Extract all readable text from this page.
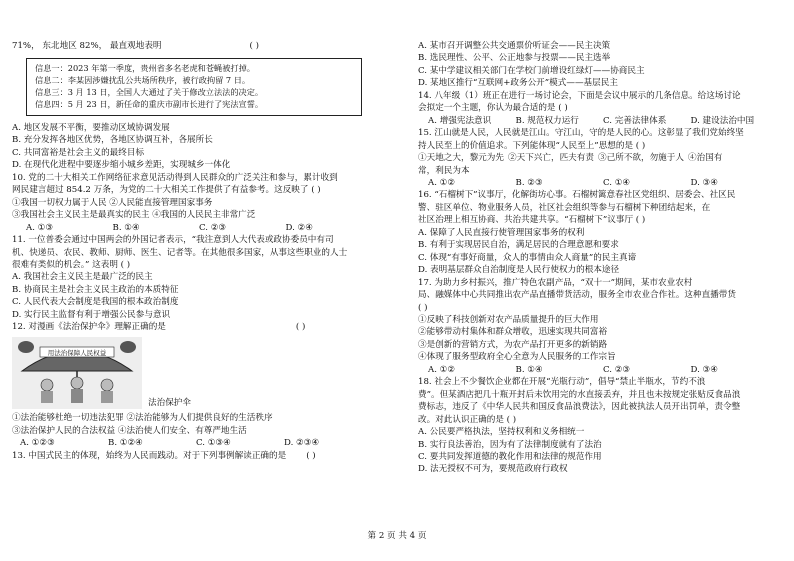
71%， 东北地区 82%， 最直观地表明	( )
信息一：2023 年第一季度，贵州省多名老虎和苍蝇被打掉。
信息二：李某因涉嫌扰乱公共场所秩序，被行政拘留 7 日。
信息三：3 月 13 日，全国人大通过了关于修改立法法的决定。
信息四：5 月 23 日，新任命的重庆市副市长进行了宪法宣誓。
A. 地区发展不平衡，要推动区域协调发展
B. 充分发挥各地区优势，各地区协调互补，各展所长
C. 共同富裕是社会主义的最终目标
D. 在现代化进程中要逐步缩小城乡差距，实现城乡一体化
10. 党的二十大相关工作网络征求意见活动得到人民群众的广泛关注和参与，累计收到
网民建言超过 854.2 万条，为党的二十大相关工作提供了有益参考。这反映了 ( )
①我国一切权力属于人民 ②人民能直接管理国家事务
③我国社会主义民主是最真实的民主 ④我国的人民民主非常广泛
A. ①③	B. ①④	C. ②③	D. ②④
11. 一位普委会通过中国两会的外国记者表示，“我注意到人大代表或政协委员中有司
机、快递员、农民、教师、厨师、医生、记者等。在其他很多国家，从事这些职业的人士
很难有类似的机会。” 这表明 ( )
A. 我国社会主义民主是最广泛的民主
B. 协商民主是社会主义民主政治的本质特征
C. 人民代表大会制度是我国的根本政治制度
D. 实行民主监督有利于增强公民参与意识
12. 对漫画《法治保护伞》理解正确的是	( )
用法治保障人民权益
法治保护伞
①法治能够杜绝一切违法犯罪 ②法治能够为人们提供良好的生活秩序
③法治保护人民的合法权益 ④法治使人们安全、有尊严地生活
A. ①②③	B. ①②④	C. ①③④	D. ②③④
13. 中国式民主的体现，始终为人民而践动。对于下列事例解读正确的是 ( )
A. 某市召开调整公共交通票价听证会——民主决策
B. 选民理性、公平、公正地参与投票——民主选举
C. 某中学建议相关部门在学校门前增设红绿灯——协商民主
D. 某地区推行“互联网+政务公开”模式——基层民主
14. 八年级（1）班正在进行一场讨论会，下面是会议中展示的几条信息。给这场讨论
会拟定一个主题，你认为最合适的是 ( )
A. 增强宪法意识	B. 规范权力运行	C. 完善法律体系	D. 建设法治中国
15. 江山就是人民，人民就是江山。守江山，守的是人民的心。这彰显了我们党始终坚
持人民至上的价值追求。下列能体现“人民至上”思想的是 ( )
①天地之大，黎元为先 ②天下兴亡，匹夫有责 ③己所不欲，勿施于人 ④治国有
常，利民为本
A. ①②	B. ②③	C. ①④	D. ③④
16. “石榴树下”议事厅，化解街坊心事。石榴树篱意春社区党组织、居委会、社区民
警、驻区单位、物业服务人员，社区社会组织等参与石榴树下种团结起来，在
社区治理上相互协商、共治共建共享。“石榴树下”议事厅 ( )
A. 保障了人民直接行使管理国家事务的权利
B. 有利于实现居民自治，满足居民的合理意愿和要求
C. 体现“有事好商量，众人的事情由众人商量”的民主真谛
D. 表明基层群众自治制度是人民行使权力的根本途径
17. 为助力乡村振兴，推广特色农副产品，“双十一”期间，某市农业农村
局、融媒体中心共同推出农产品直播带货活动，服务全市农业合作社。这种直播带货
( )
①反映了科技创新对农产品质量提升的巨大作用
②能够带动村集体和群众增收，迅速实现共同富裕
③是创新的营销方式，为农产品打开更多的新销路
④体现了服务型政府全心全意为人民服务的工作宗旨
A. ①②	B. ①④	C. ②③	D. ③④
18. 社会上不少餐饮企业都在开展“光瓶行动”，倡导“禁止半瓶水，节约不浪
费”。但某酒店把几十瓶开封后未饮用完的水直接丢弃，并且也未按规定张贴反食品浪
费标志，违反了《中华人民共和国反食品浪费法》，因此被执法人员开出罚单，责令整
改。对此认识正确的是 ( )
A. 公民要严格执法，坚持权利和义务相统一
B. 实行良法善治，因为有了法律制度就有了法治
C. 要共同发挥道德的教化作用和法律的规范作用
D. 法无授权不可为，要规范政府行政权
第 2 页 共 4 页
